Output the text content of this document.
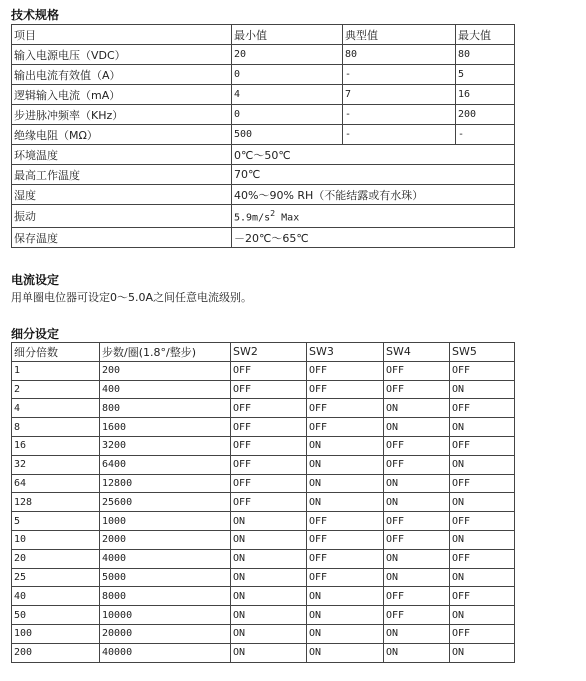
技术规格
项目	最小值	典型值	最大值
输入电源电压（VDC）	20	80	80
输出电流有效值（A）	0	-	5
逻辑输入电流（mA）	4	7	16
步进脉冲频率（KHz）	0	-	200
绝缘电阻（MΩ）	500	-	-
环境温度	0℃～50℃		
最高工作温度	70℃		
湿度	40%～90% RH（不能结露或有水珠）		
振动	$5.9m/s^2$ Max		
保存温度	－20℃～65℃		
电流设定

用单圈电位器可设定0～5.0A之间任意电流级别。

细分设定
细分倍数	步数/圈(1.8°/整步)	SW2	SW3	SW4	SW5
1	200	OFF	OFF	OFF	OFF
2	400	OFF	OFF	OFF	ON
4	800	OFF	OFF	ON	OFF
8	1600	OFF	OFF	ON	ON
16	3200	OFF	ON	OFF	OFF
32	6400	OFF	ON	OFF	ON
64	12800	OFF	ON	ON	OFF
128	25600	OFF	ON	ON	ON
5	1000	ON	OFF	OFF	OFF
10	2000	ON	OFF	OFF	ON
20	4000	ON	OFF	ON	OFF
25	5000	ON	OFF	ON	ON
40	8000	ON	ON	OFF	OFF
50	10000	ON	ON	OFF	ON
100	20000	ON	ON	ON	OFF
200	40000	ON	ON	ON	ON
